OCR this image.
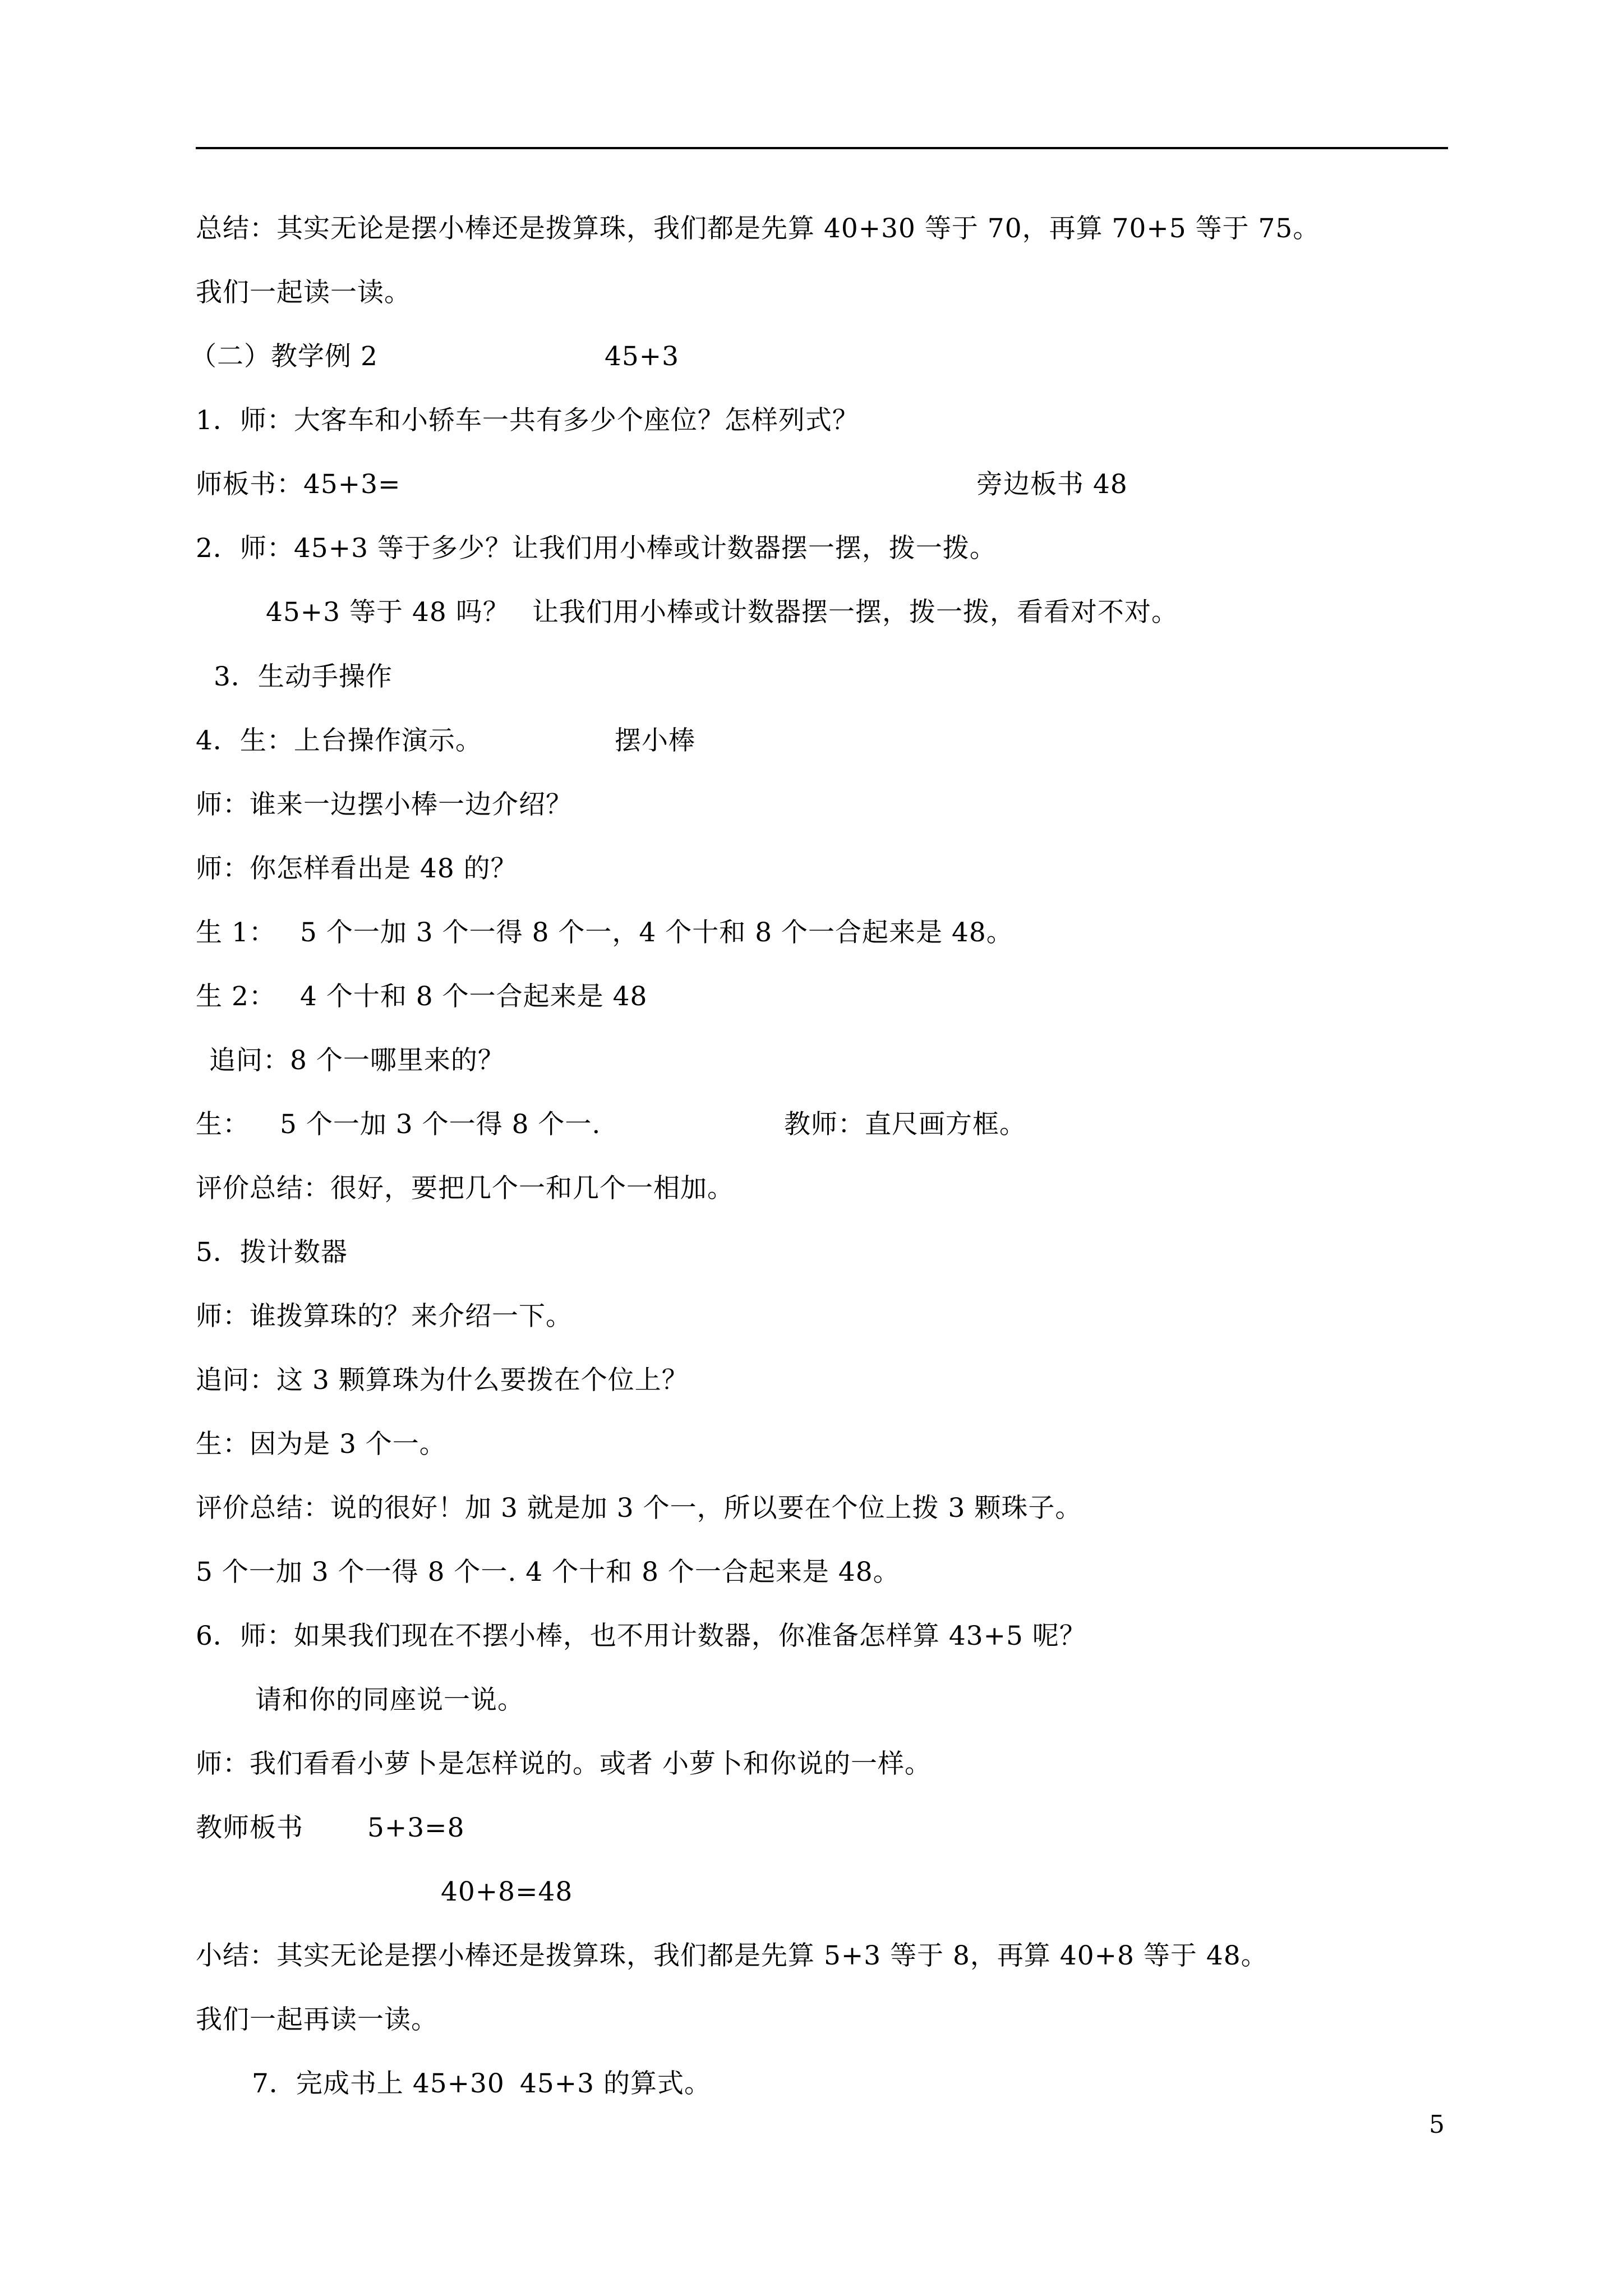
总结：其实无论是摆小棒还是拨算珠，我们都是先算 40+30 等于 70，再算 70+5 等于 75。
我们一起读一读。

（二）教学例 2

	45+3

1．师：大客车和小轿车一共有多少个座位？怎样列式？

师板书：45+3=

	旁边板书 48

2．师：45+3 等于多少？让我们用小棒或计数器摆一摆，拨一拨。

45+3 等于 48 吗？

让我们用小棒或计数器摆一摆，拨一拨，看看对不对。

3．生动手操作

4．生：上台操作演示。

	摆小棒

师：谁来一边摆小棒一边介绍？
师：你怎样看出是 48 的？

生 1：

5 个一加 3 个一得 8 个一，4 个十和 8 个一合起来是 48。

生 2：

4 个十和 8 个一合起来是 48

追问：8 个一哪里来的？

生：

5 个一加 3 个一得 8 个一.

	教师：直尺画方框。

评价总结：很好，要把几个一和几个一相加。
5．拨计数器
师：谁拨算珠的？来介绍一下。
追问：这 3 颗算珠为什么要拨在个位上？
生：因为是 3 个一。
评价总结：说的很好！加 3 就是加 3 个一，所以要在个位上拨 3 颗珠子。
5 个一加 3 个一得 8 个一. 4 个十和 8 个一合起来是 48。
6．师：如果我们现在不摆小棒，也不用计数器，你准备怎样算 43+5 呢？
请和你的同座说一说。
师：我们看看小萝卜是怎样说的。或者 小萝卜和你说的一样。

教师板书

5+3=8

40+8=48
小结：其实无论是摆小棒还是拨算珠，我们都是先算 5+3 等于 8，再算 40+8 等于 48。
我们一起再读一读。

7．完成书上 45+30

45+3 的算式。

5
